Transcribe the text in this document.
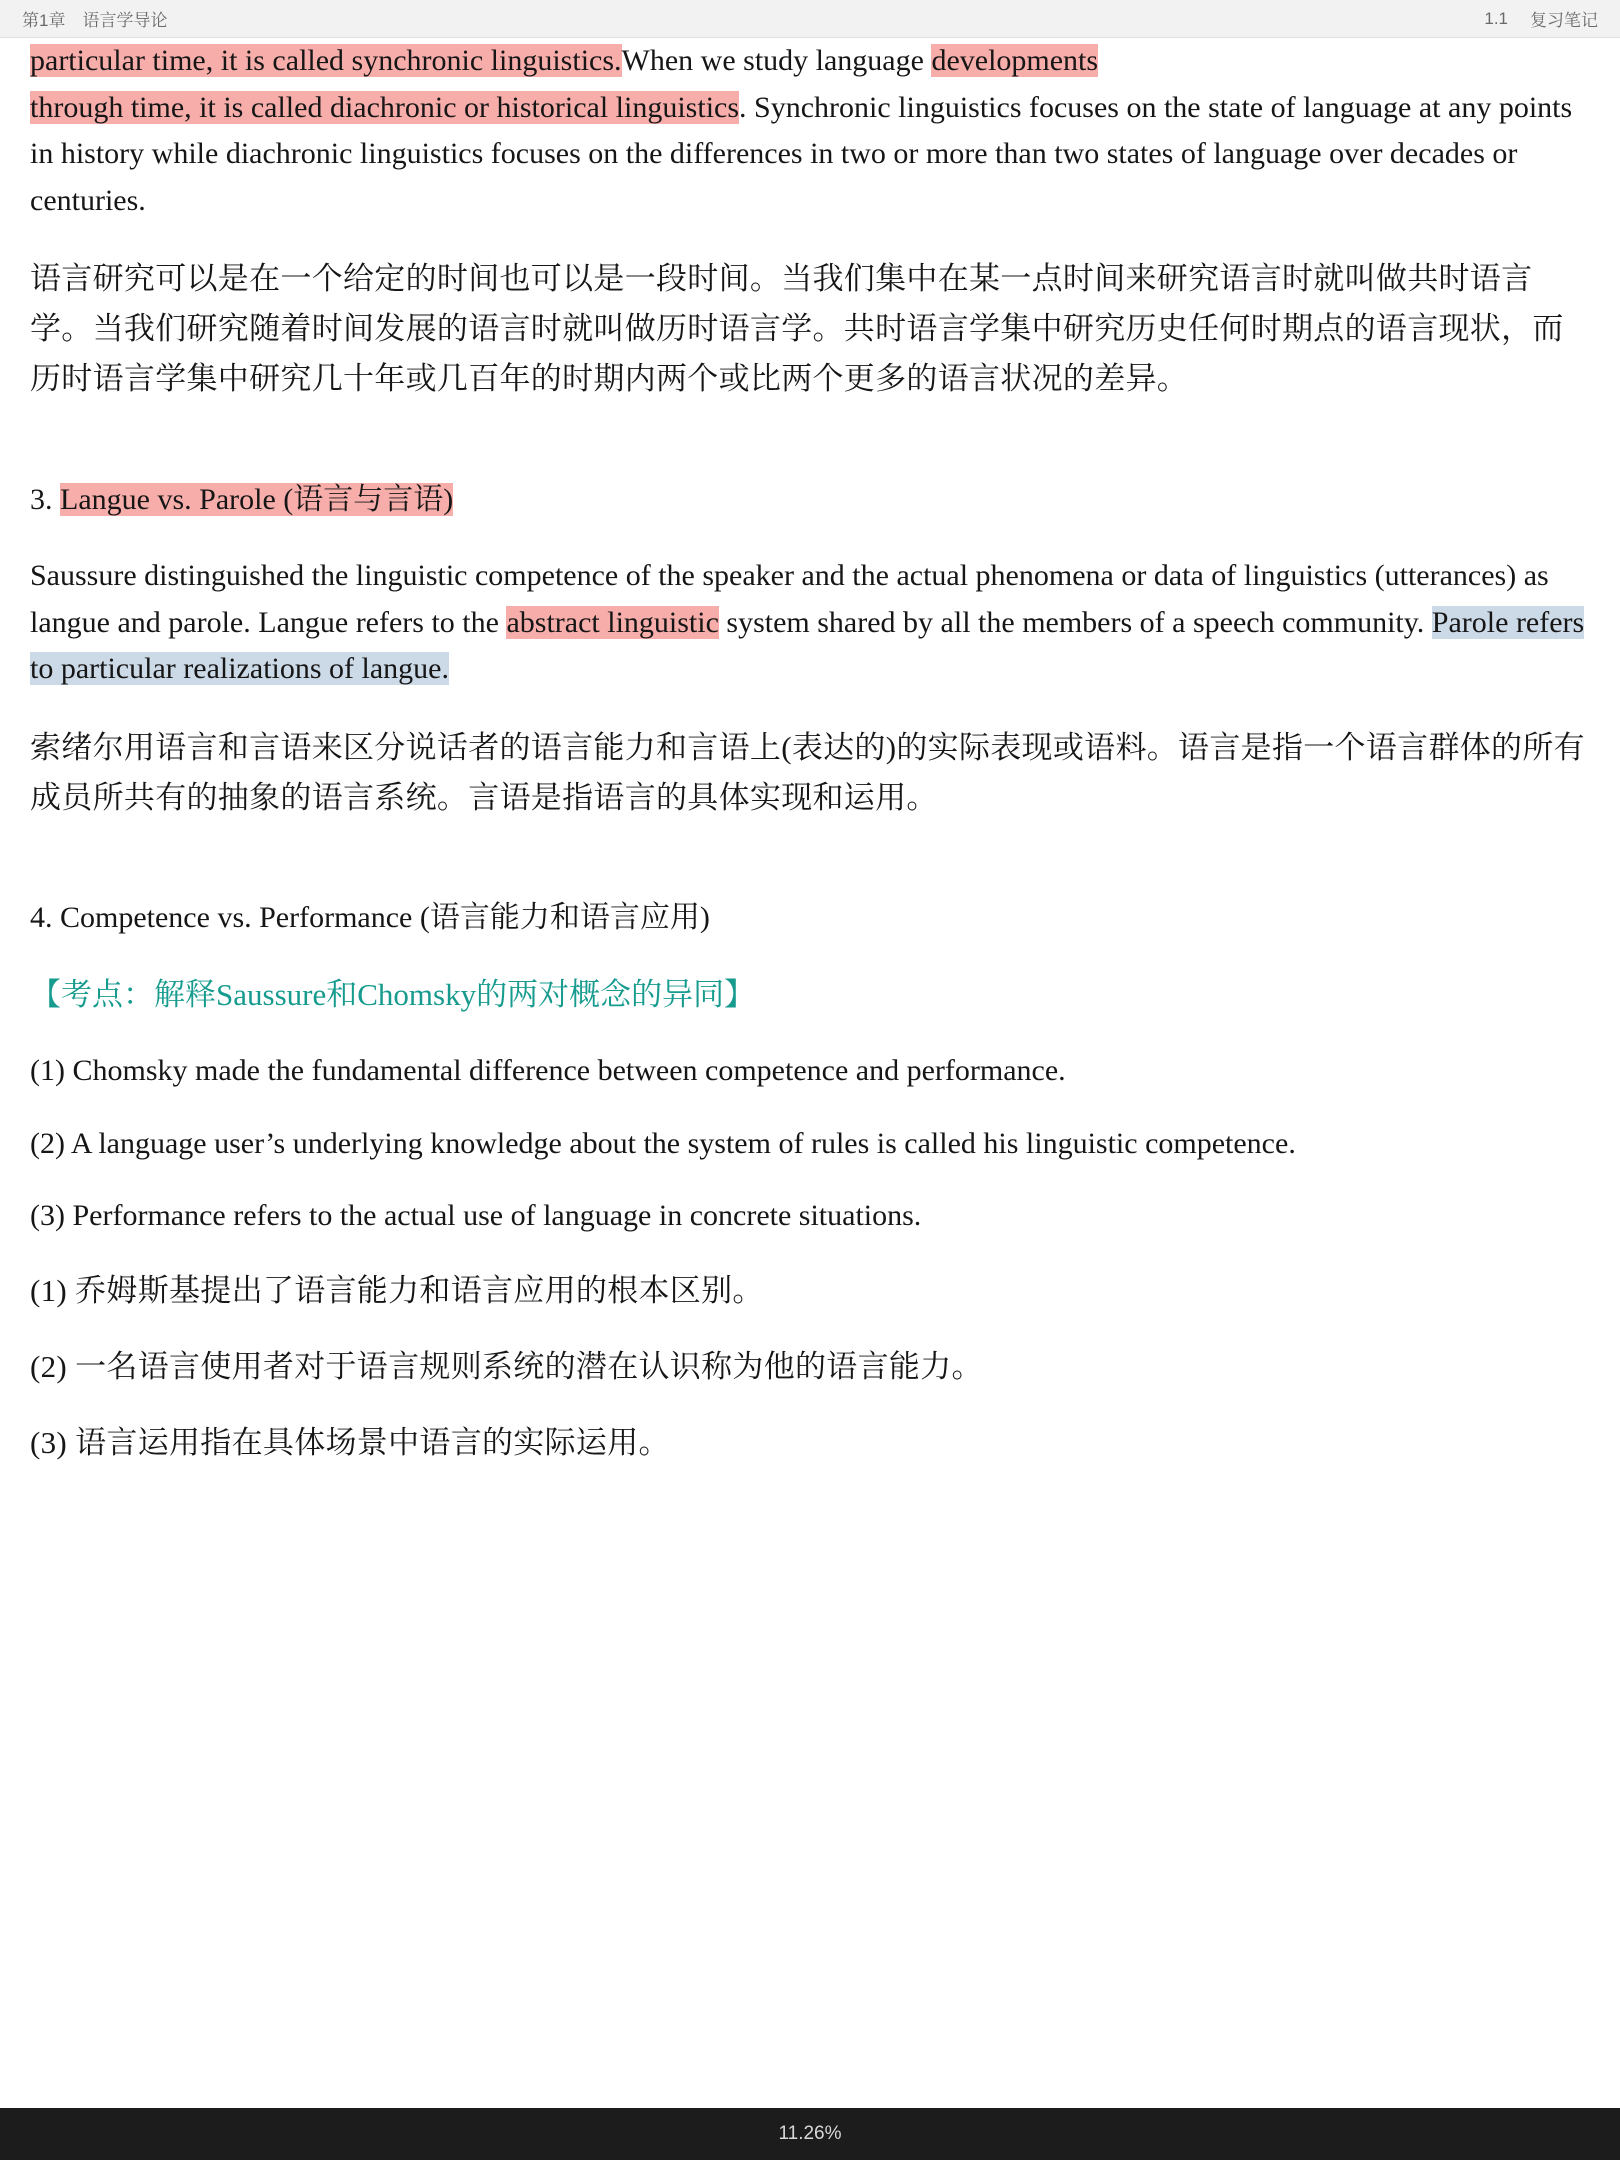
第1章　语言学导论	1.1 复习笔记

particular time, it is called synchronic linguistics.When we study language developments
through time, it is called diachronic or historical linguistics. Synchronic linguistics focuses on the state of language at any points in history while diachronic linguistics focuses on the differences in two or more than two states of language over decades or centuries.

语言研究可以是在一个给定的时间也可以是一段时间。当我们集中在某一点时间来研究语言时就叫做共时语言学。当我们研究随着时间发展的语言时就叫做历时语言学。共时语言学集中研究历史任何时期点的语言现状，而历时语言学集中研究几十年或几百年的时期内两个或比两个更多的语言状况的差异。

3. Langue vs. Parole (语言与言语)

Saussure distinguished the linguistic competence of the speaker and the actual phenomena or data of linguistics (utterances) as langue and parole. Langue refers to the abstract linguistic system shared by all the members of a speech community. Parole refers to particular realizations of langue.

索绪尔用语言和言语来区分说话者的语言能力和言语上(表达的)的实际表现或语料。语言是指一个语言群体的所有成员所共有的抽象的语言系统。言语是指语言的具体实现和运用。

4. Competence vs. Performance (语言能力和语言应用)

【考点：解释Saussure和Chomsky的两对概念的异同】

(1) Chomsky made the fundamental difference between competence and performance.

(2) A language user’s underlying knowledge about the system of rules is called his linguistic competence.

(3) Performance refers to the actual use of language in concrete situations.

(1) 乔姆斯基提出了语言能力和语言应用的根本区别。

(2) 一名语言使用者对于语言规则系统的潜在认识称为他的语言能力。

(3) 语言运用指在具体场景中语言的实际运用。

11.26%
